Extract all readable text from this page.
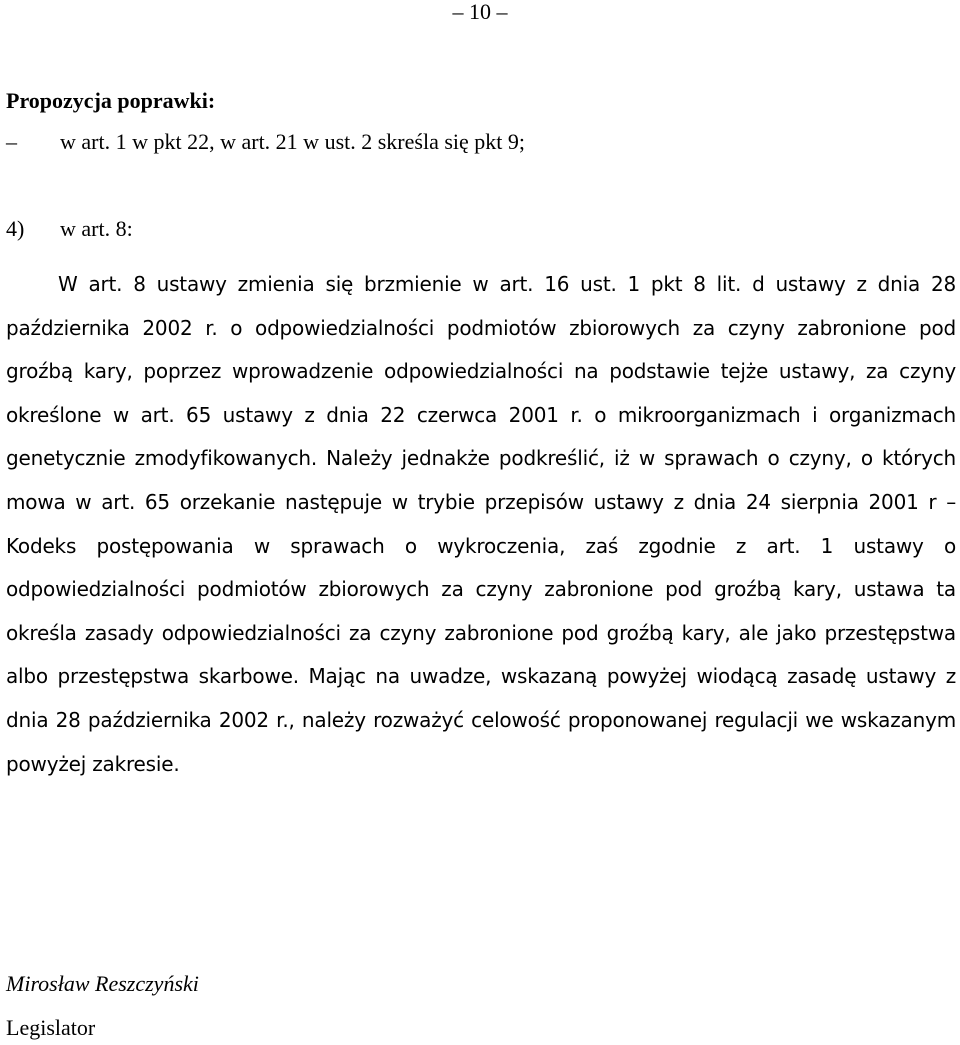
– 10 –

Propozycja poprawki:

– w art. 1 w pkt 22, w art. 21 w ust. 2 skreśla się pkt 9;
4) w art. 8:

W art. 8 ustawy zmienia się brzmienie w art. 16 ust. 1 pkt 8 lit. d ustawy z dnia 28 października 2002 r. o odpowiedzialności podmiotów zbiorowych za czyny zabronione pod groźbą kary, poprzez wprowadzenie odpowiedzialności na podstawie tejże ustawy, za czyny określone w art. 65 ustawy z dnia 22 czerwca 2001 r. o mikroorganizmach i organizmach genetycznie zmodyfikowanych. Należy jednakże podkreślić, iż w sprawach o czyny, o których mowa w art. 65 orzekanie następuje w trybie przepisów ustawy z dnia 24 sierpnia 2001 r – Kodeks postępowania w sprawach o wykroczenia, zaś zgodnie z art. 1 ustawy o odpowiedzialności podmiotów zbiorowych za czyny zabronione pod groźbą kary, ustawa ta określa zasady odpowiedzialności za czyny zabronione pod groźbą kary, ale jako przestępstwa albo przestępstwa skarbowe. Mając na uwadze, wskazaną powyżej wiodącą zasadę ustawy z dnia 28 października 2002 r., należy rozważyć celowość proponowanej regulacji we wskazanym powyżej zakresie.

Mirosław Reszczyński

Legislator
